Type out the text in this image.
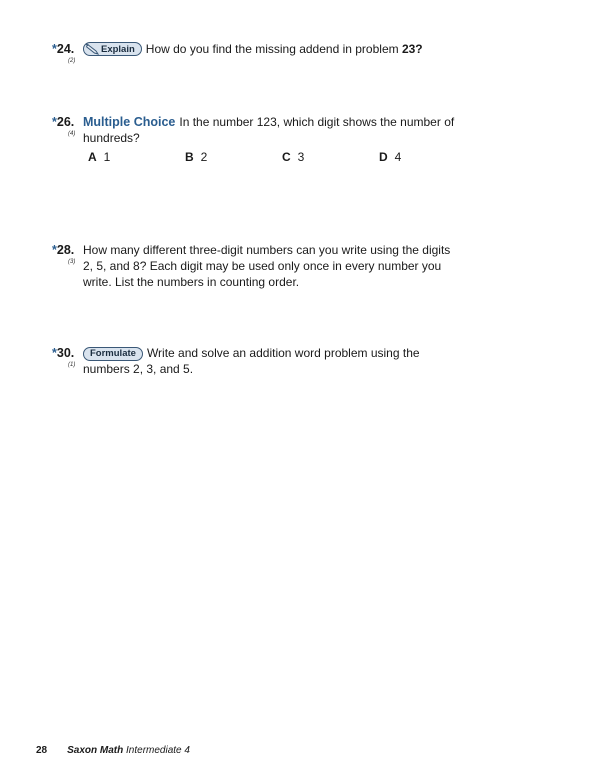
*24.
(2)
Explain How do you find the missing addend in problem 23?
*26.
(4)
Multiple Choice In the number 123, which digit shows the number of
hundreds?
A 1	B 2	C 3	D 4
*28.
(3)
How many different three-digit numbers can you write using the digits
2, 5, and 8? Each digit may be used only once in every number you
write. List the numbers in counting order.
*30.
(1)
Formulate Write and solve an addition word problem using the
numbers 2, 3, and 5.
28 Saxon Math Intermediate 4
